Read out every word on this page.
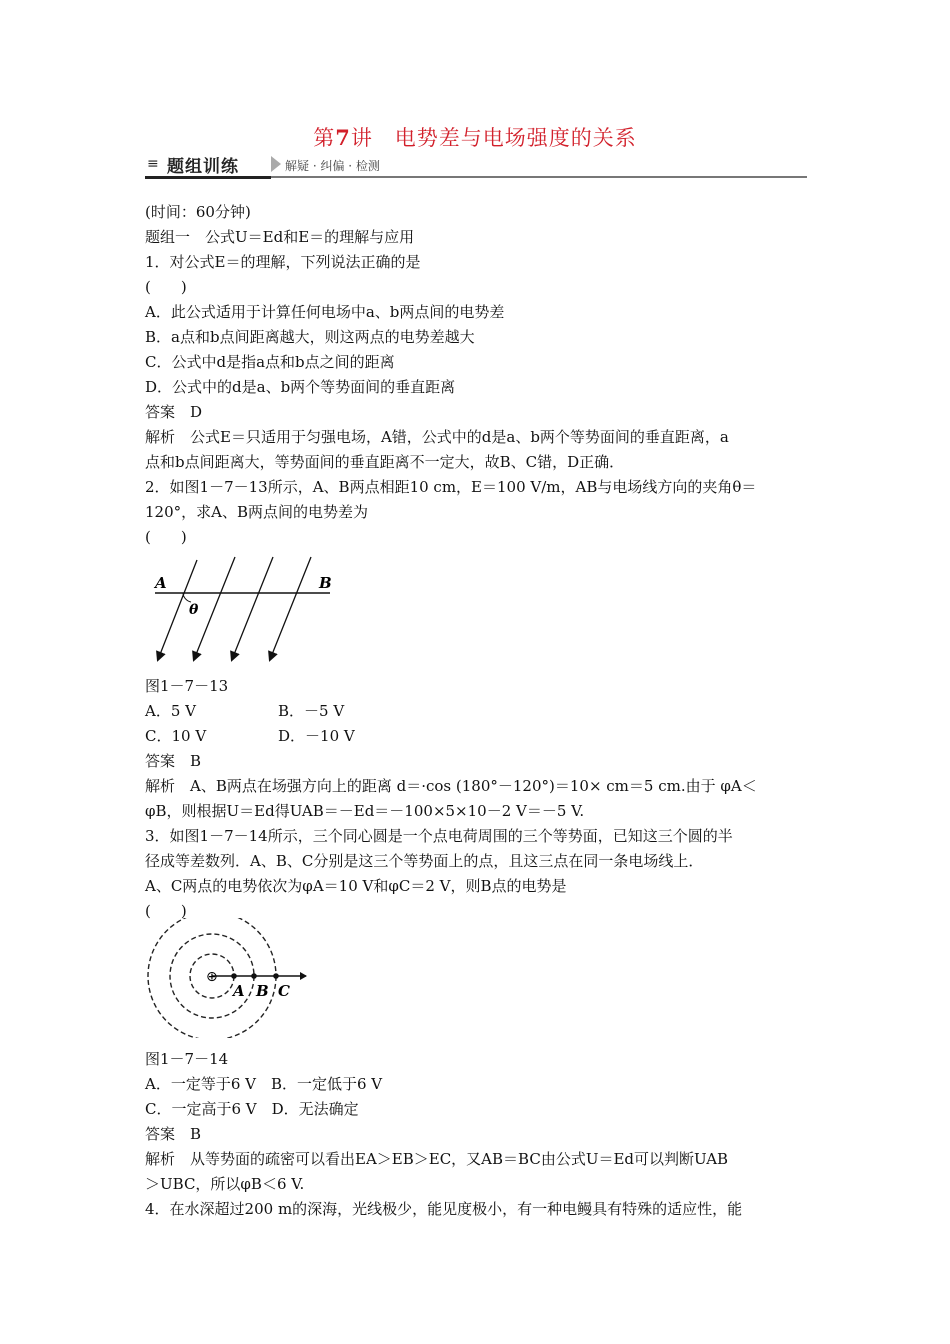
第7讲　电势差与电场强度的关系
≡ 题组训练	解疑 · 纠偏 · 检测
(时间：60分钟)
题组一　公式U＝Ed和E＝的理解与应用
1．对公式E＝的理解，下列说法正确的是
(　　)
A．此公式适用于计算任何电场中a、b两点间的电势差
B．a点和b点间距离越大，则这两点的电势差越大
C．公式中d是指a点和b点之间的距离
D．公式中的d是a、b两个等势面间的垂直距离
答案　D
解析　公式E＝只适用于匀强电场，A错，公式中的d是a、b两个等势面间的垂直距离，a
点和b点间距离大，等势面间的垂直距离不一定大，故B、C错，D正确．
2．如图1－7－13所示，A、B两点相距10 cm，E＝100 V/m，AB与电场线方向的夹角θ＝
120°，求A、B两点间的电势差为
(　　)
A	B
θ
图1－7－13
A．5 V	B．－5 V
C．10 V	D．－10 V
答案　B
解析　A、B两点在场强方向上的距离 d＝·cos (180°－120°)＝10× cm＝5 cm.由于 φA＜
φB，则根据U＝Ed得UAB＝－Ed＝－100×5×10－2 V＝－5 V.
3．如图1－7－14所示，三个同心圆是一个点电荷周围的三个等势面，已知这三个圆的半
径成等差数列．A、B、C分别是这三个等势面上的点，且这三点在同一条电场线上．
A、C两点的电势依次为φA＝10 V和φC＝2 V，则B点的电势是
(　　)
⊕
A B C
图1－7－14
A．一定等于6 V　B．一定低于6 V
C．一定高于6 V　D．无法确定
答案　B
解析　从等势面的疏密可以看出EA＞EB＞EC，又AB＝BC由公式U＝Ed可以判断UAB
＞UBC，所以φB＜6 V.
4．在水深超过200 m的深海，光线极少，能见度极小，有一种电鳗具有特殊的适应性，能
